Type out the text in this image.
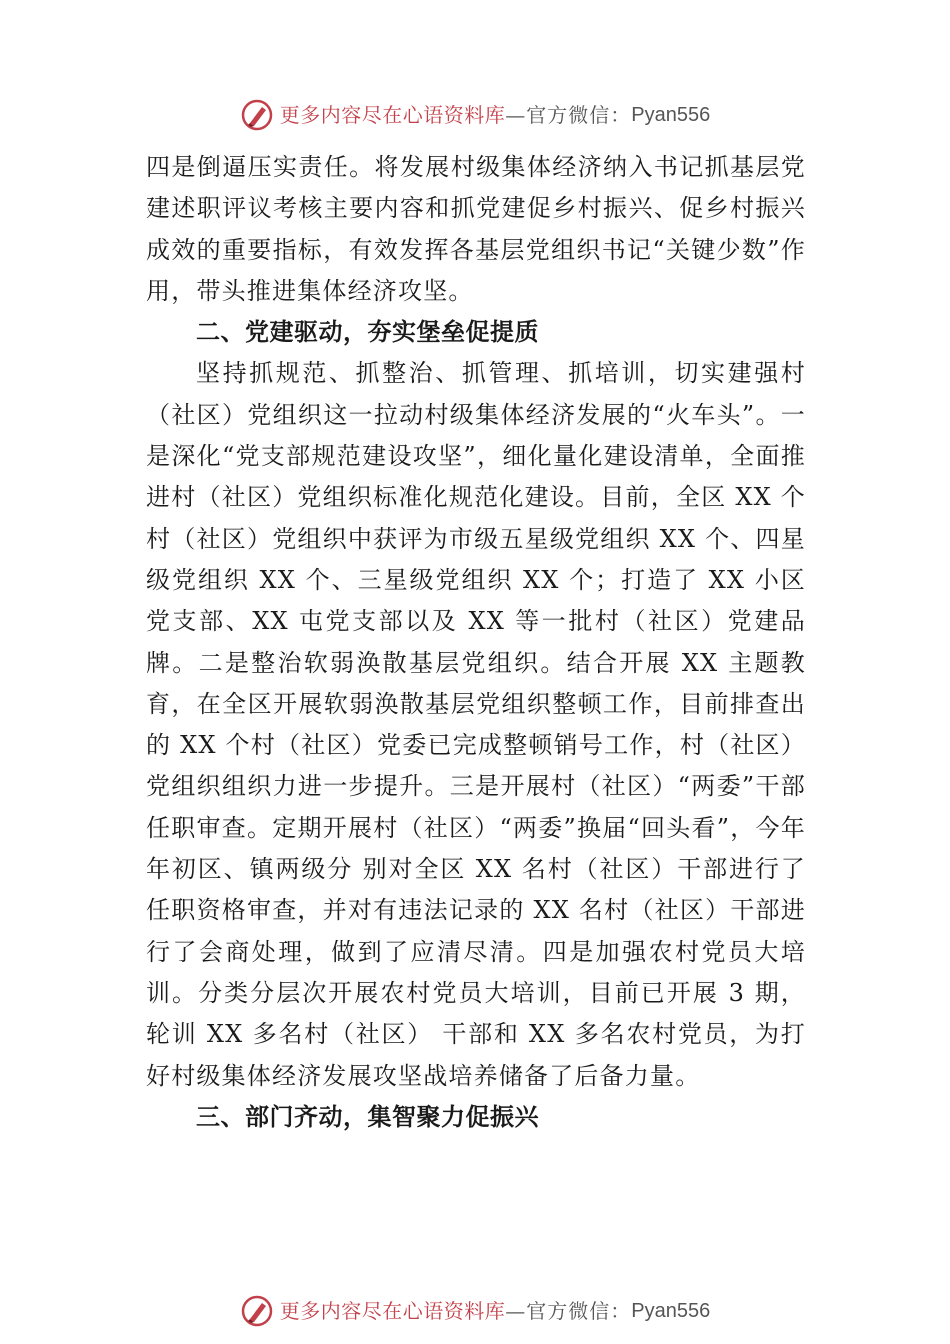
更多内容尽在心语资料库 —官方微信： Pyan556

四是倒逼压实责任。将发展村级集体经济纳入书记抓基层党建述职评议考核主要内容和抓党建促乡村振兴、促乡村振兴成效的重要指标，有效发挥各基层党组织书记“关键少数”作用，带头推进集体经济攻坚。

二、党建驱动，夯实堡垒促提质

坚持抓规范、抓整治、抓管理、抓培训，切实建强村（社区）党组织这一拉动村级集体经济发展的“火车头”。一是深化“党支部规范建设攻坚”，细化量化建设清单，全面推进村（社区）党组织标准化规范化建设。目前，全区 XX 个村（社区）党组织中获评为市级五星级党组织 XX 个、四星级党组织 XX 个、三星级党组织 XX 个；打造了 XX 小区党支部、XX 屯党支部以及 XX 等一批村（社区）党建品牌。二是整治软弱涣散基层党组织。结合开展 XX 主题教育，在全区开展软弱涣散基层党组织整顿工作，目前排查出的 XX 个村（社区）党委已完成整顿销号工作，村（社区）党组织组织力进一步提升。三是开展村（社区）“两委”干部任职审查。定期开展村（社区）“两委”换届“回头看”，今年年初区、镇两级分 别对全区 XX 名村（社区）干部进行了任职资格审查，并对有违法记录的 XX 名村（社区）干部进行了会商处理，做到了应清尽清。四是加强农村党员大培训。分类分层次开展农村党员大培训，目前已开展 3 期，轮训 XX 多名村（社区） 干部和 XX 多名农村党员，为打好村级集体经济发展攻坚战培养储备了后备力量。

三、部门齐动，集智聚力促振兴
更多内容尽在心语资料库 —官方微信： Pyan556
